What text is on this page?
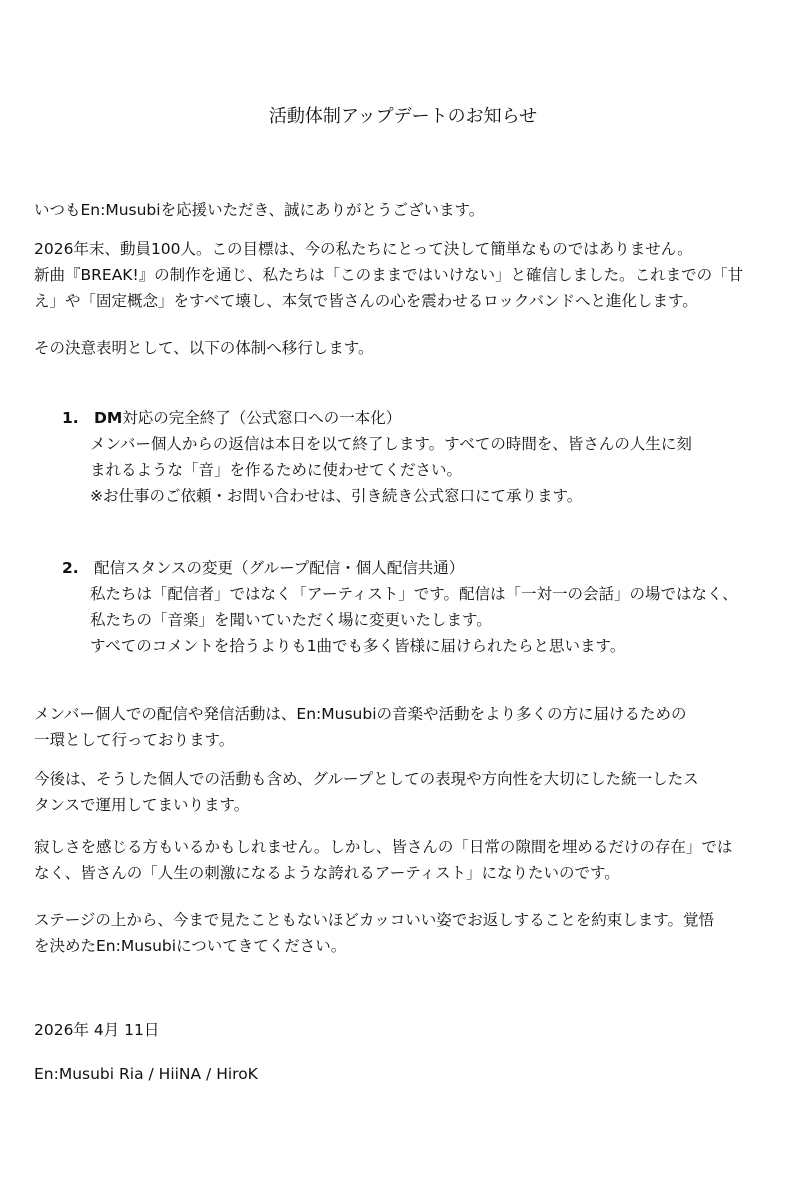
活動体制アップデートのお知らせ

いつもEn:Musubiを応援いただき、誠にありがとうございます。

2026年末、動員100人。この目標は、今の私たちにとって決して簡単なものではありません。
新曲『BREAK!』の制作を通じ、私たちは「このままではいけない」と確信しました。これまでの「甘
え」や「固定概念」をすべて壊し、本気で皆さんの心を震わせるロックバンドへと進化します。

その決意表明として、以下の体制へ移行します。

1. DM対応の完全終了（公式窓口への一本化）
メンバー個人からの返信は本日を以て終了します。すべての時間を、皆さんの人生に刻
まれるような「音」を作るために使わせてください。
※お仕事のご依頼・お問い合わせは、引き続き公式窓口にて承ります。
2. 配信スタンスの変更（グループ配信・個人配信共通）
私たちは「配信者」ではなく「アーティスト」です。配信は「一対一の会話」の場ではなく、
私たちの「音楽」を聞いていただく場に変更いたします。
すべてのコメントを拾うよりも1曲でも多く皆様に届けられたらと思います。

メンバー個人での配信や発信活動は、En:Musubiの音楽や活動をより多くの方に届けるための
一環として行っております。

今後は、そうした個人での活動も含め、グループとしての表現や方向性を大切にした統一したス
タンスで運用してまいります。

寂しさを感じる方もいるかもしれません。しかし、皆さんの「日常の隙間を埋めるだけの存在」では
なく、皆さんの「人生の刺激になるような誇れるアーティスト」になりたいのです。

ステージの上から、今まで見たこともないほどカッコいい姿でお返しすることを約束します。覚悟
を決めたEn:Musubiについてきてください。

2026年 4月 11日

En:Musubi Ria / HiiNA / HiroK
